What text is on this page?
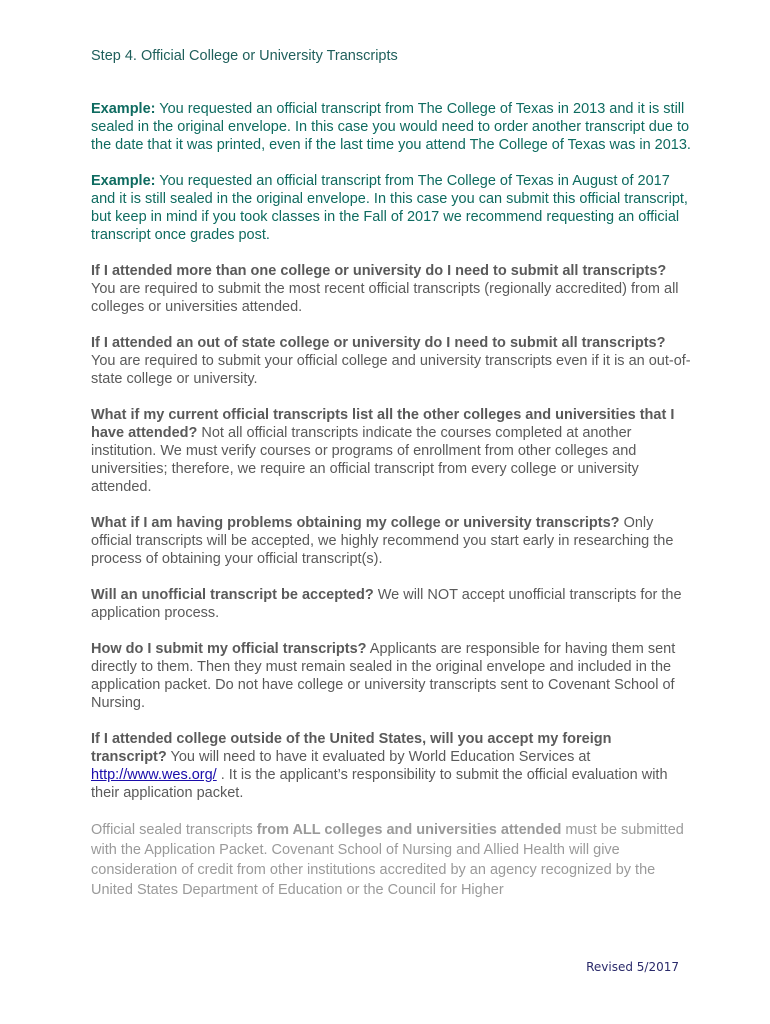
Step 4. Official College or University Transcripts

Example: You requested an official transcript from The College of Texas in 2013 and it is still sealed in the original envelope. In this case you would need to order another transcript due to the date that it was printed, even if the last time you attend The College of Texas was in 2013.

Example: You requested an official transcript from The College of Texas in August of 2017 and it is still sealed in the original envelope. In this case you can submit this official transcript, but keep in mind if you took classes in the Fall of 2017 we recommend requesting an official transcript once grades post.

If I attended more than one college or university do I need to submit all transcripts? You are required to submit the most recent official transcripts (regionally accredited) from all colleges or universities attended.

If I attended an out of state college or university do I need to submit all transcripts? You are required to submit your official college and university transcripts even if it is an out-of-state college or university.

What if my current official transcripts list all the other colleges and universities that I have attended? Not all official transcripts indicate the courses completed at another institution. We must verify courses or programs of enrollment from other colleges and universities; therefore, we require an official transcript from every college or university attended.

What if I am having problems obtaining my college or university transcripts? Only official transcripts will be accepted, we highly recommend you start early in researching the process of obtaining your official transcript(s).

Will an unofficial transcript be accepted? We will NOT accept unofficial transcripts for the application process.

How do I submit my official transcripts? Applicants are responsible for having them sent directly to them. Then they must remain sealed in the original envelope and included in the application packet. Do not have college or university transcripts sent to Covenant School of Nursing.

If I attended college outside of the United States, will you accept my foreign transcript? You will need to have it evaluated by World Education Services at http://www.wes.org/ . It is the applicant’s responsibility to submit the official evaluation with their application packet.

Official sealed transcripts from ALL colleges and universities attended must be submitted with the Application Packet. Covenant School of Nursing and Allied Health will give consideration of credit from other institutions accredited by an agency recognized by the United States Department of Education or the Council for Higher

Revised 5/2017
